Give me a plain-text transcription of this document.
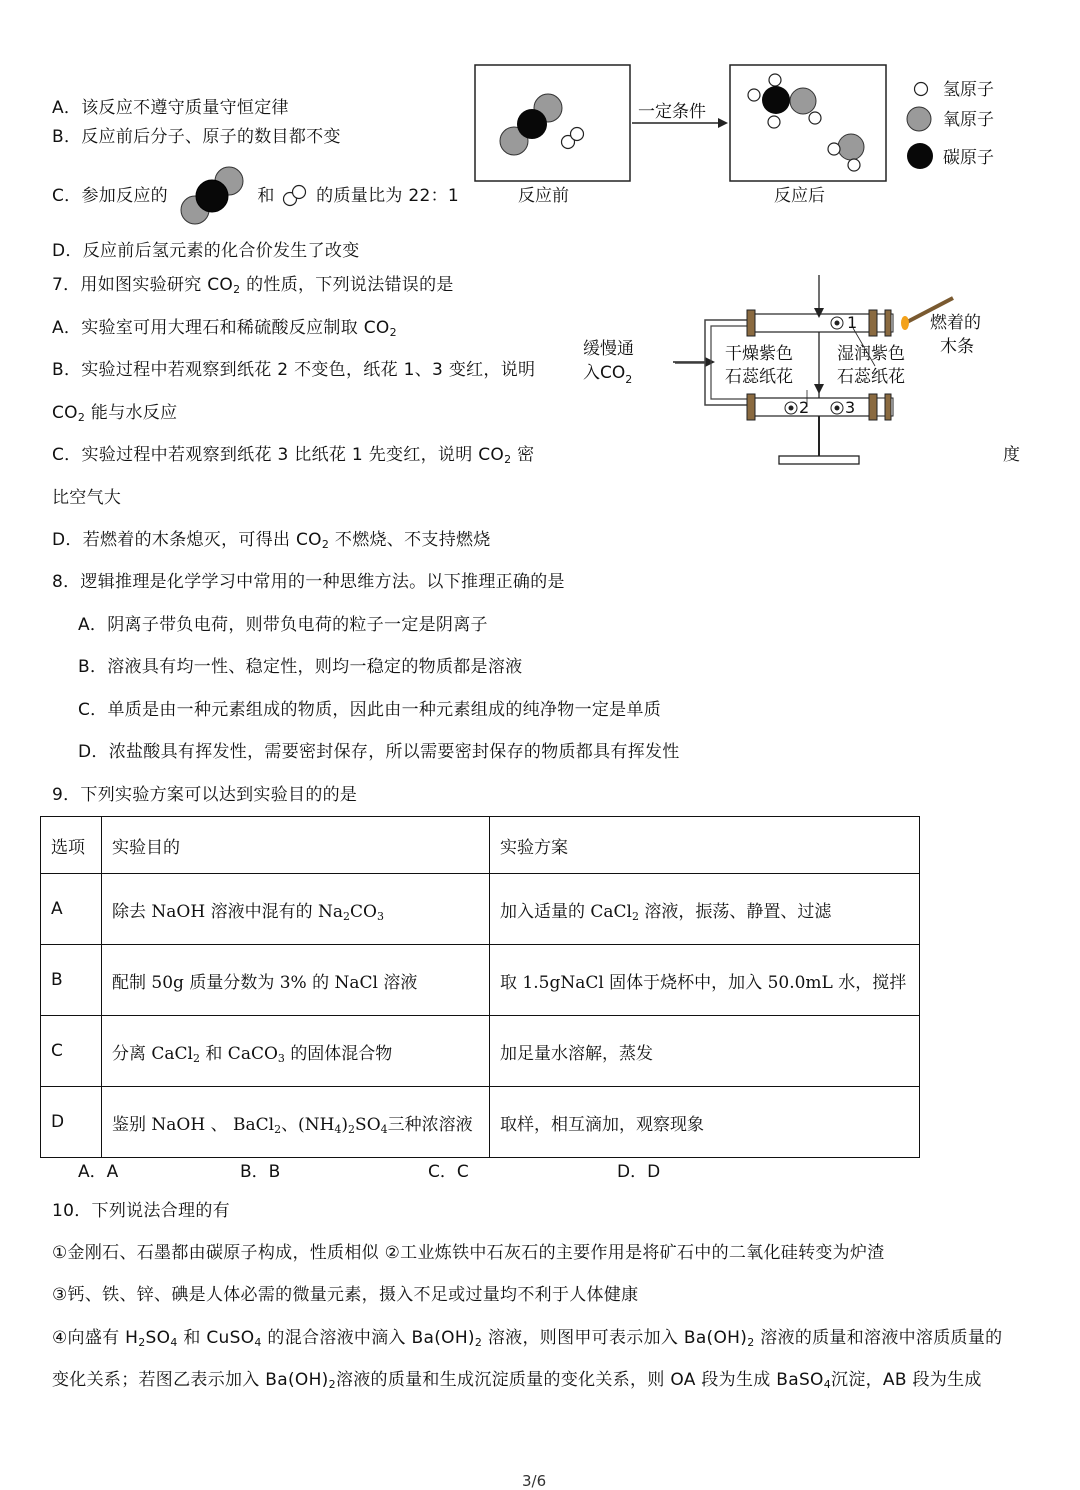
A．该反应不遵守质量守恒定律
B．反应前后分子、原子的数目都不变
C．参加反应的	和 的质量比为 22：1
D．反应前后氢元素的化合价发生了改变
一定条件
反应前	反应后
氢原子
氧原子
碳原子
7．用如图实验研究 $CO_2$ 的性质，下列说法错误的是
A．实验室可用大理石和稀硫酸反应制取 $CO_2$
B．实验过程中若观察到纸花 2 不变色，纸花 1、3 变红，说明
$CO_2$ 能与水反应
C．实验过程中若观察到纸花 3 比纸花 1 先变红，说明 $CO_2$ 密	度
比空气大
D．若燃着的木条熄灭，可得出 $CO_2$ 不燃烧、不支持燃烧
缓慢通
入$CO_2$
干燥紫色
石蕊纸花
湿润紫色
石蕊纸花
燃着的
木条
1
2 3
8．逻辑推理是化学学习中常用的一种思维方法。以下推理正确的是
A．阴离子带负电荷，则带负电荷的粒子一定是阴离子
B．溶液具有均一性、稳定性，则均一稳定的物质都是溶液
C．单质是由一种元素组成的物质，因此由一种元素组成的纯净物一定是单质
D．浓盐酸具有挥发性，需要密封保存，所以需要密封保存的物质都具有挥发性
9．下列实验方案可以达到实验目的的是
选项	实验目的	实验方案
A	除去 NaOH 溶液中混有的 $Na_2CO_3$	加入适量的 CaCl$_2$ 溶液，振荡、静置、过滤
B	配制 50g 质量分数为 3% 的 NaCl 溶液	取 1.5gNaCl 固体于烧杯中，加入 50.0mL 水，搅拌
C	分离 CaCl$_2$ 和 CaCO$_3$ 的固体混合物	加足量水溶解，蒸发
D	鉴别 NaOH 、 BaCl$_2$、$(NH_4)_2SO_4$三种浓溶液	取样，相互滴加，观察现象
A．A	B．B	C．C	D．D
10．下列说法合理的有
①金刚石、石墨都由碳原子构成，性质相似 ②工业炼铁中石灰石的主要作用是将矿石中的二氧化硅转变为炉渣
③钙、铁、锌、碘是人体必需的微量元素，摄入不足或过量均不利于人体健康
④向盛有 $H_2SO_4$ 和 CuSO$_4$ 的混合溶液中滴入 $Ba(OH)_2$ 溶液，则图甲可表示加入 $Ba(OH)_2$ 溶液的质量和溶液中溶质质量的
变化关系；若图乙表示加入 $Ba(OH)_2$溶液的质量和生成沉淀质量的变化关系，则 OA 段为生成 BaSO$_4$沉淀，AB 段为生成
3/6
